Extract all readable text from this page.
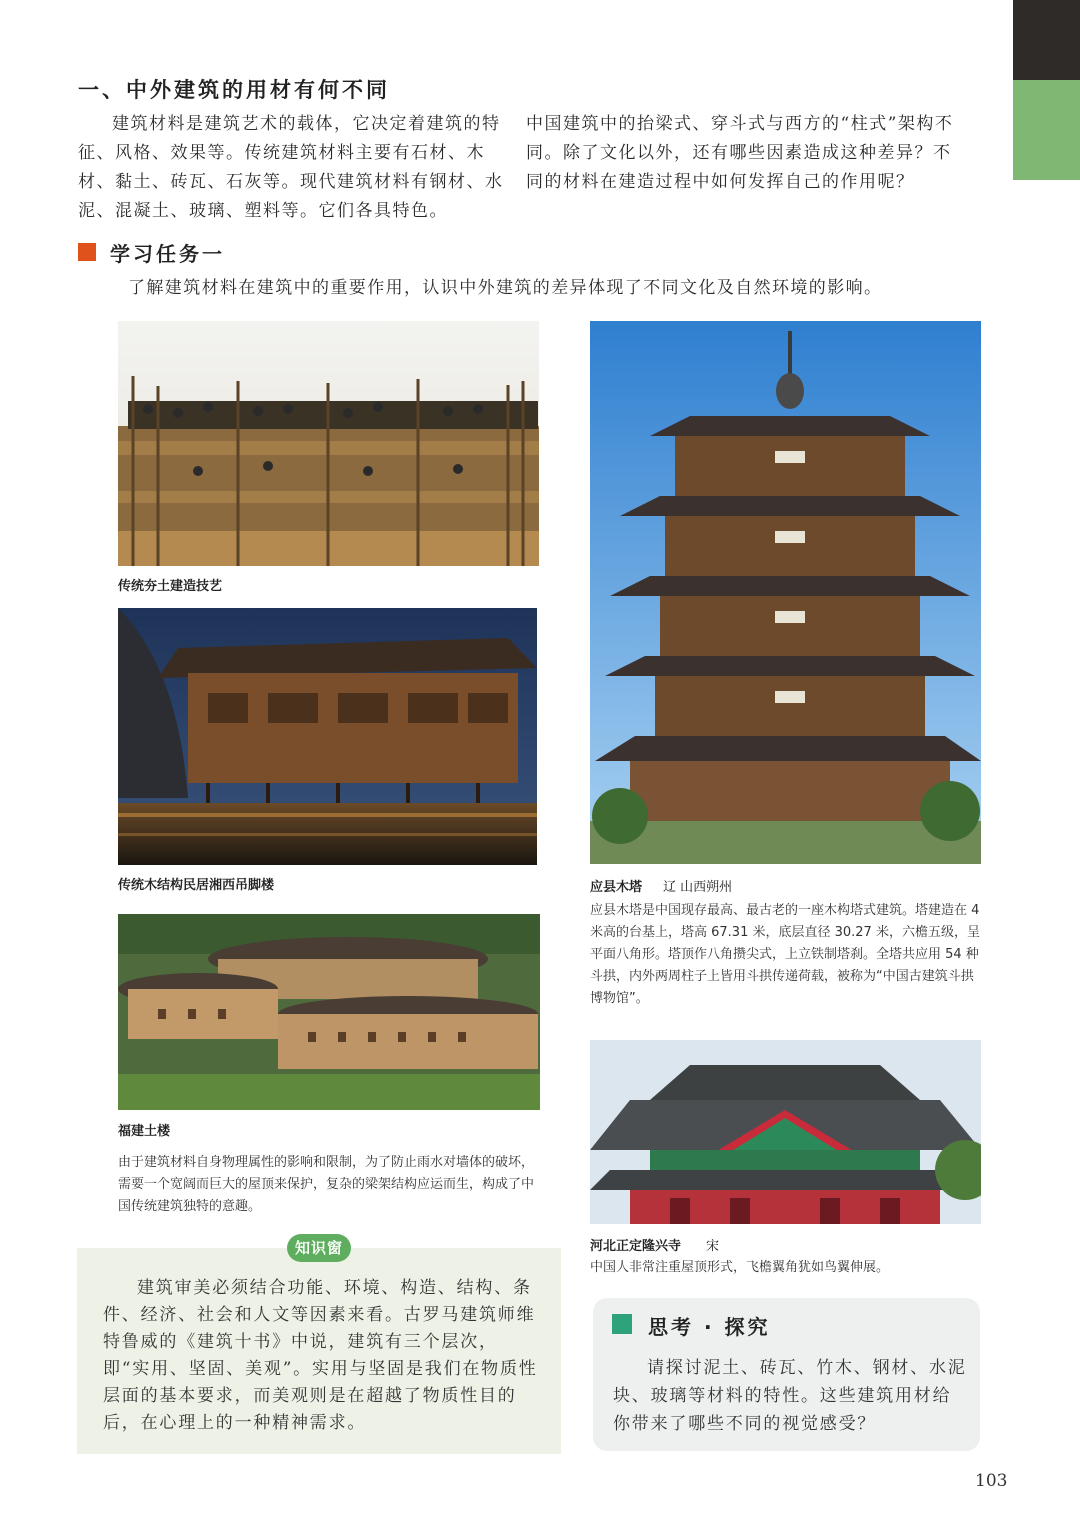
一、中外建筑的用材有何不同
建筑材料是建筑艺术的载体，它决定着建筑的特征、风格、效果等。传统建筑材料主要有石材、木材、黏土、砖瓦、石灰等。现代建筑材料有钢材、水泥、混凝土、玻璃、塑料等。它们各具特色。
中国建筑中的抬梁式、穿斗式与西方的“柱式”架构不同。除了文化以外，还有哪些因素造成这种差异？不同的材料在建造过程中如何发挥自己的作用呢？
学习任务一
了解建筑材料在建筑中的重要作用，认识中外建筑的差异体现了不同文化及自然环境的影响。
传统夯土建造技艺
传统木结构民居湘西吊脚楼
福建土楼
由于建筑材料自身物理属性的影响和限制，为了防止雨水对墙体的破坏，需要一个宽阔而巨大的屋顶来保护，复杂的梁架结构应运而生，构成了中国传统建筑独特的意趣。
应县木塔 辽 山西朔州
应县木塔是中国现存最高、最古老的一座木构塔式建筑。塔建造在 4 米高的台基上，塔高 67.31 米，底层直径 30.27 米，六檐五级，呈平面八角形。塔顶作八角攒尖式，上立铁制塔刹。全塔共应用 54 种斗拱，内外两周柱子上皆用斗拱传递荷载，被称为“中国古建筑斗拱博物馆”。
河北正定隆兴寺 宋
中国人非常注重屋顶形式，飞檐翼角犹如鸟翼伸展。
知识窗
建筑审美必须结合功能、环境、构造、结构、条件、经济、社会和人文等因素来看。古罗马建筑师维特鲁威的《建筑十书》中说，建筑有三个层次，即“实用、坚固、美观”。实用与坚固是我们在物质性层面的基本要求，而美观则是在超越了物质性目的后，在心理上的一种精神需求。
思考 · 探究
请探讨泥土、砖瓦、竹木、钢材、水泥块、玻璃等材料的特性。这些建筑用材给你带来了哪些不同的视觉感受？
103
